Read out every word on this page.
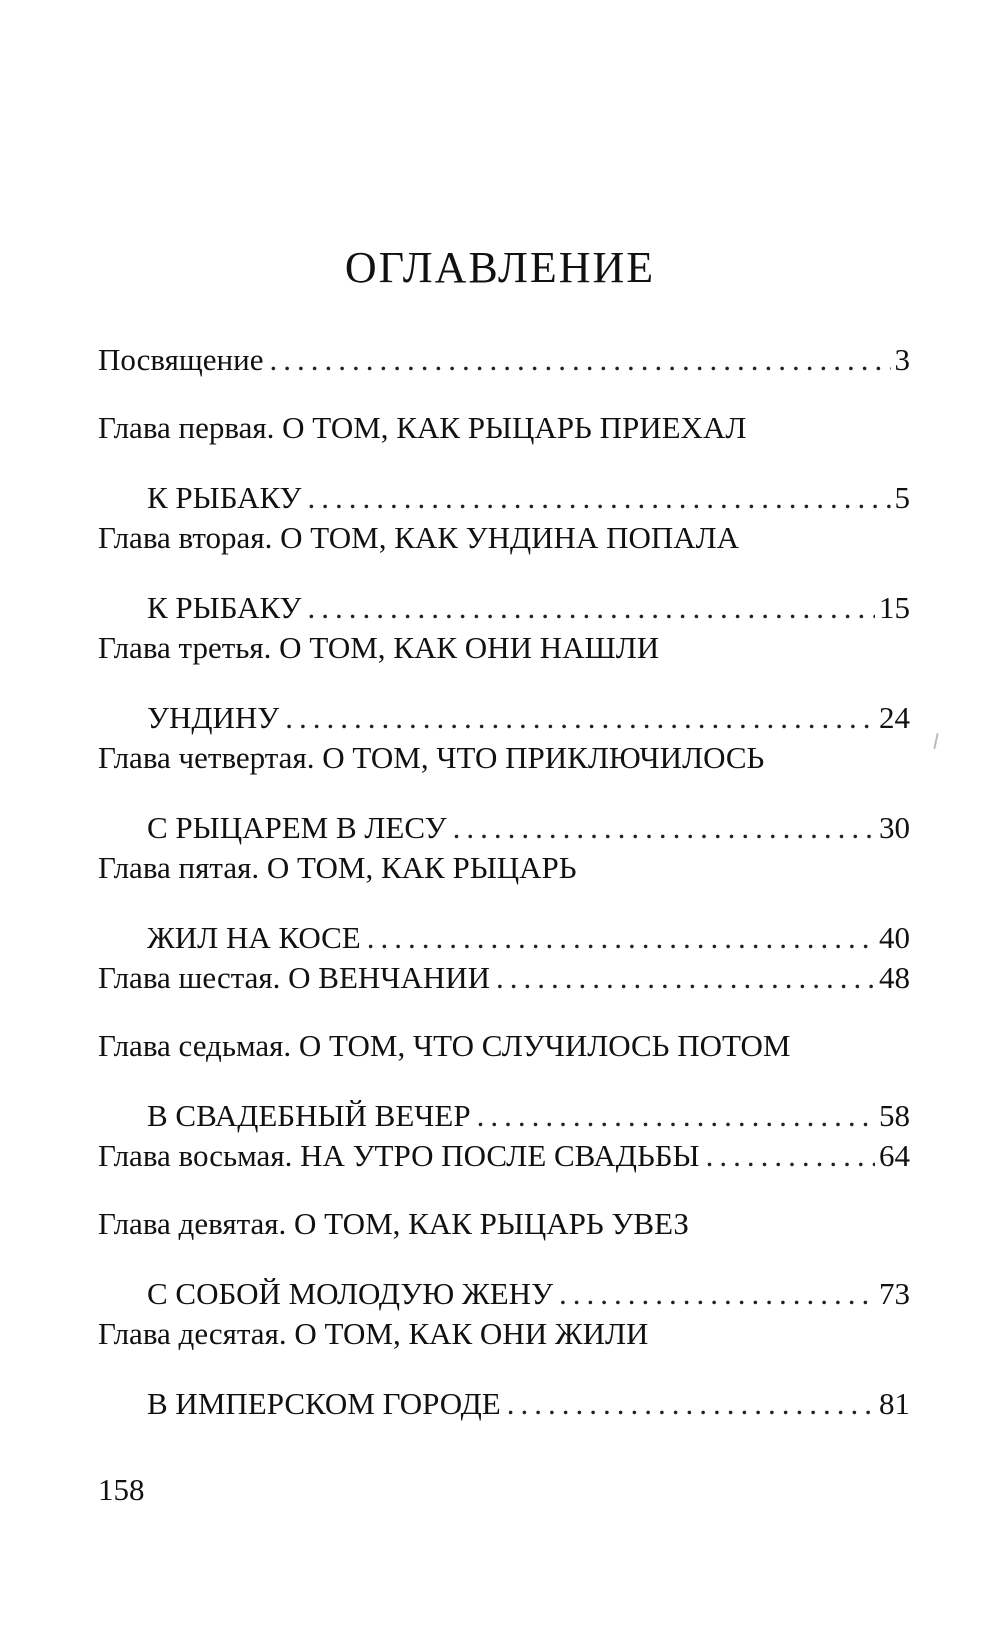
ОГЛАВЛЕНИЕ
Посвящение .....	3
Глава первая. О ТОМ, КАК РЫЦАРЬ ПРИЕХАЛ
К РЫБАКУ .....	5
Глава вторая. О ТОМ, КАК УНДИНА ПОПАЛА
К РЫБАКУ .....	15
Глава третья. О ТОМ, КАК ОНИ НАШЛИ
УНДИНУ .....	24
Глава четвертая. О ТОМ, ЧТО ПРИКЛЮЧИЛОСЬ
С РЫЦАРЕМ В ЛЕСУ .....	30
Глава пятая. О ТОМ, КАК РЫЦАРЬ
ЖИЛ НА КОСЕ .....	40
Глава шестая. О ВЕНЧАНИИ .....	48
Глава седьмая. О ТОМ, ЧТО СЛУЧИЛОСЬ ПОТОМ
В СВАДЕБНЫЙ ВЕЧЕР .....	58
Глава восьмая. НА УТРО ПОСЛЕ СВАДЬБЫ .....	64
Глава девятая. О ТОМ, КАК РЫЦАРЬ УВЕЗ
С СОБОЙ МОЛОДУЮ ЖЕНУ .....	73
Глава десятая. О ТОМ, КАК ОНИ ЖИЛИ
В ИМПЕРСКОМ ГОРОДЕ .....	81
158
